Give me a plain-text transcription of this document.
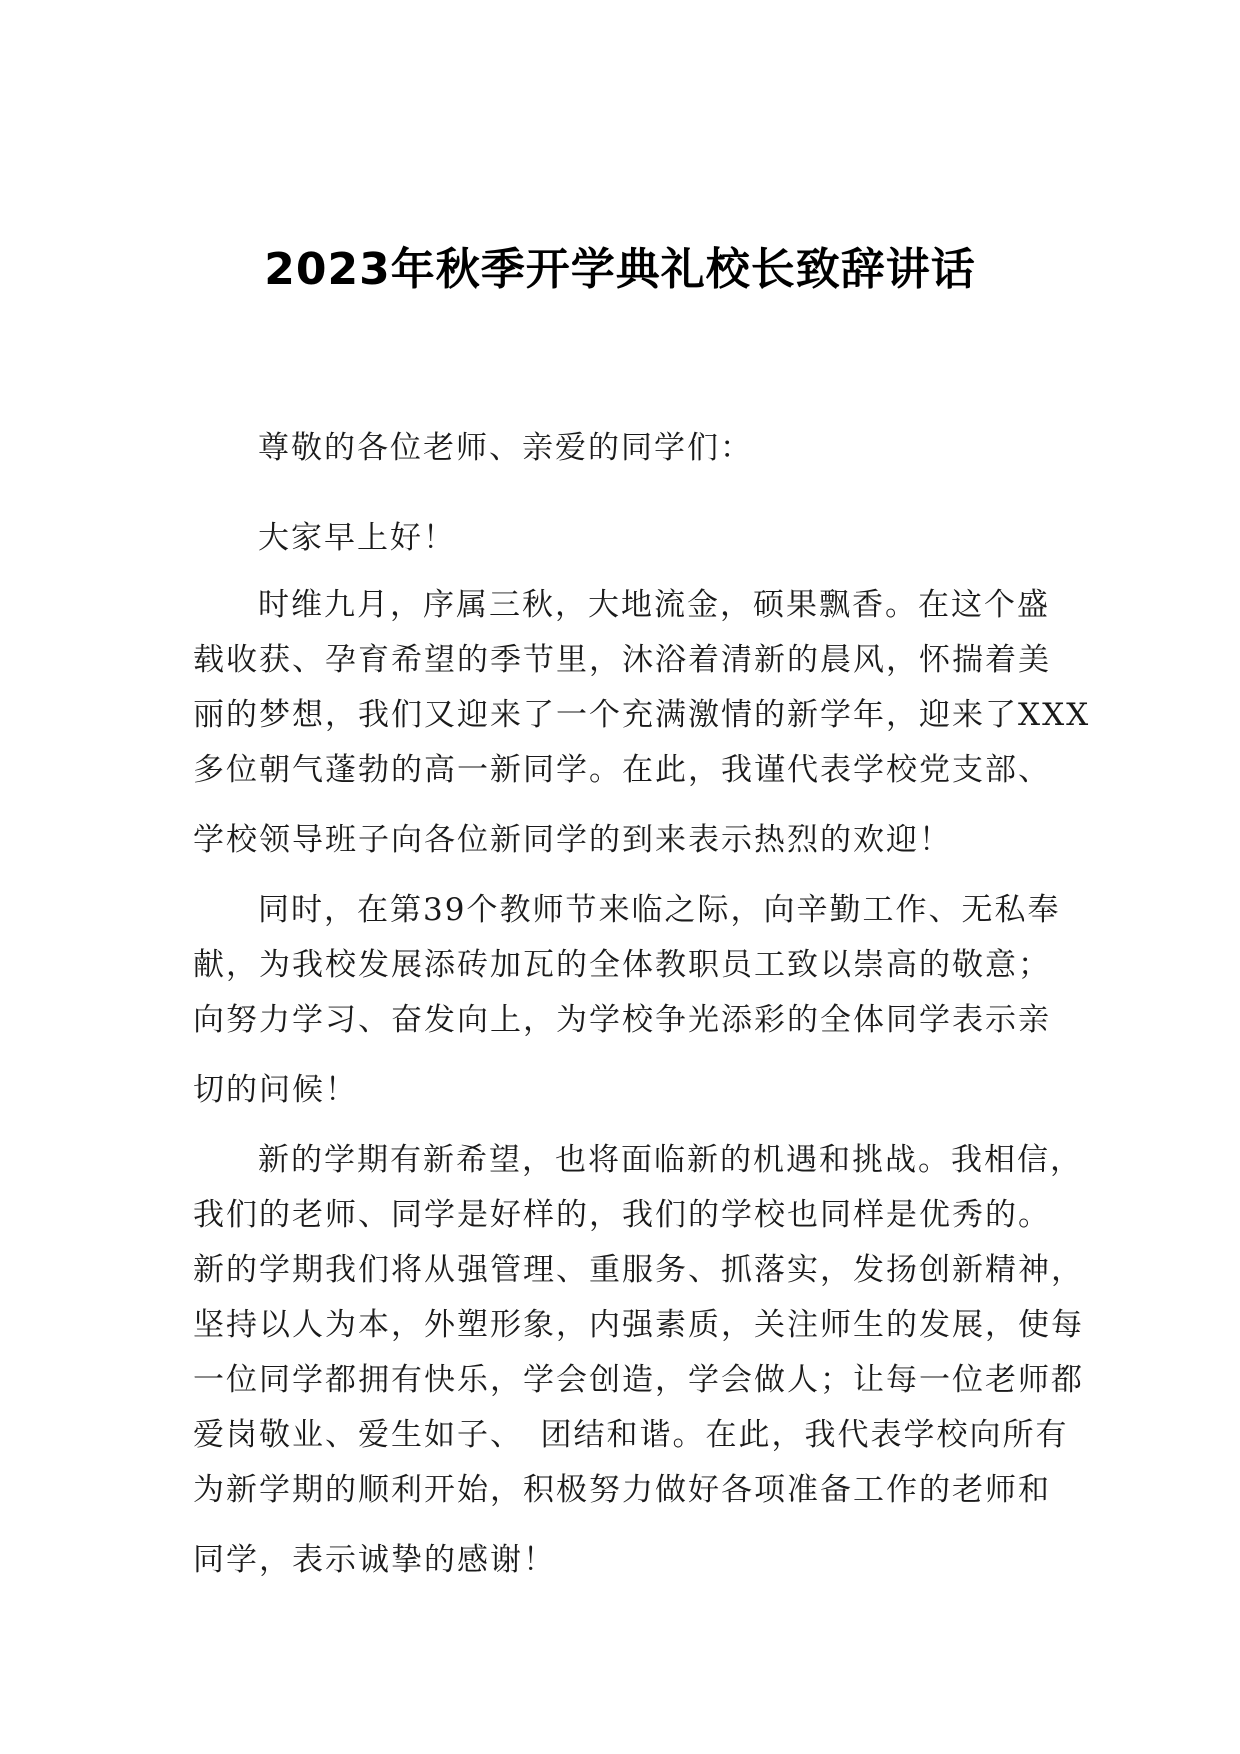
2023年秋季开学典礼校长致辞讲话
尊敬的各位老师、亲爱的同学们：
大家早上好！
时维九月，序属三秋，大地流金，硕果飘香。在这个盛
载收获、孕育希望的季节里，沐浴着清新的晨风，怀揣着美
丽的梦想，我们又迎来了一个充满激情的新学年，迎来了XXX
多位朝气蓬勃的高一新同学。在此，我谨代表学校党支部、
学校领导班子向各位新同学的到来表示热烈的欢迎！
同时，在第39个教师节来临之际，向辛勤工作、无私奉
献，为我校发展添砖加瓦的全体教职员工致以崇高的敬意；
向努力学习、奋发向上，为学校争光添彩的全体同学表示亲
切的问候！
新的学期有新希望，也将面临新的机遇和挑战。我相信，
我们的老师、同学是好样的，我们的学校也同样是优秀的。
新的学期我们将从强管理、重服务、抓落实，发扬创新精神，
坚持以人为本，外塑形象，内强素质，关注师生的发展，使每
一位同学都拥有快乐，学会创造，学会做人；让每一位老师都
爱岗敬业、爱生如子、　团结和谐。在此，我代表学校向所有
为新学期的顺利开始，积极努力做好各项准备工作的老师和
同学，表示诚挚的感谢！
